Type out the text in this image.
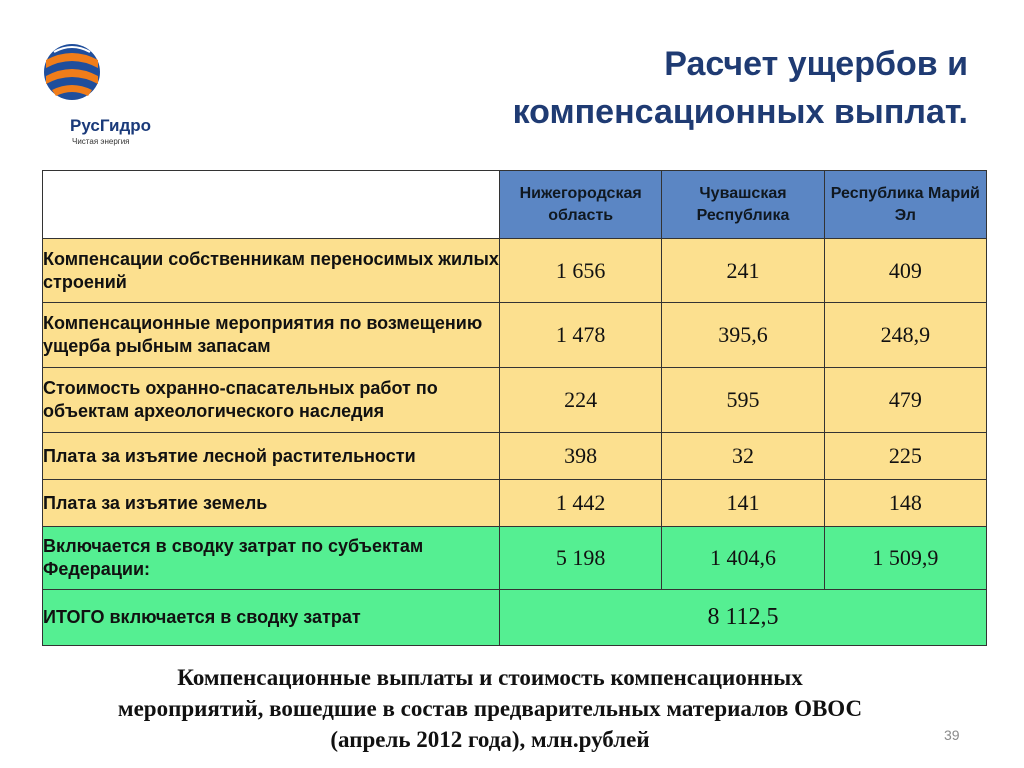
РусГидро
Чистая энергия
Расчет ущербов и
компенсационных выплат.
	Нижегородская область	Чувашская Республика	Республика Марий Эл
Компенсации собственникам переносимых жилых строений	1 656	241	409
Компенсационные мероприятия по возмещению ущерба рыбным запасам	1 478	395,6	248,9
Стоимость охранно-спасательных работ по объектам археологического наследия	224	595	479
Плата за изъятие лесной растительности	398	32	225
Плата за изъятие земель	1 442	141	148
Включается в сводку затрат по субъектам Федерации:	5 198	1 404,6	1 509,9
ИТОГО включается в сводку затрат	8 112,5		
Компенсационные выплаты и стоимость компенсационных
мероприятий, вошедшие в состав предварительных материалов ОВОС
(апрель 2012 года), млн.рублей	39
